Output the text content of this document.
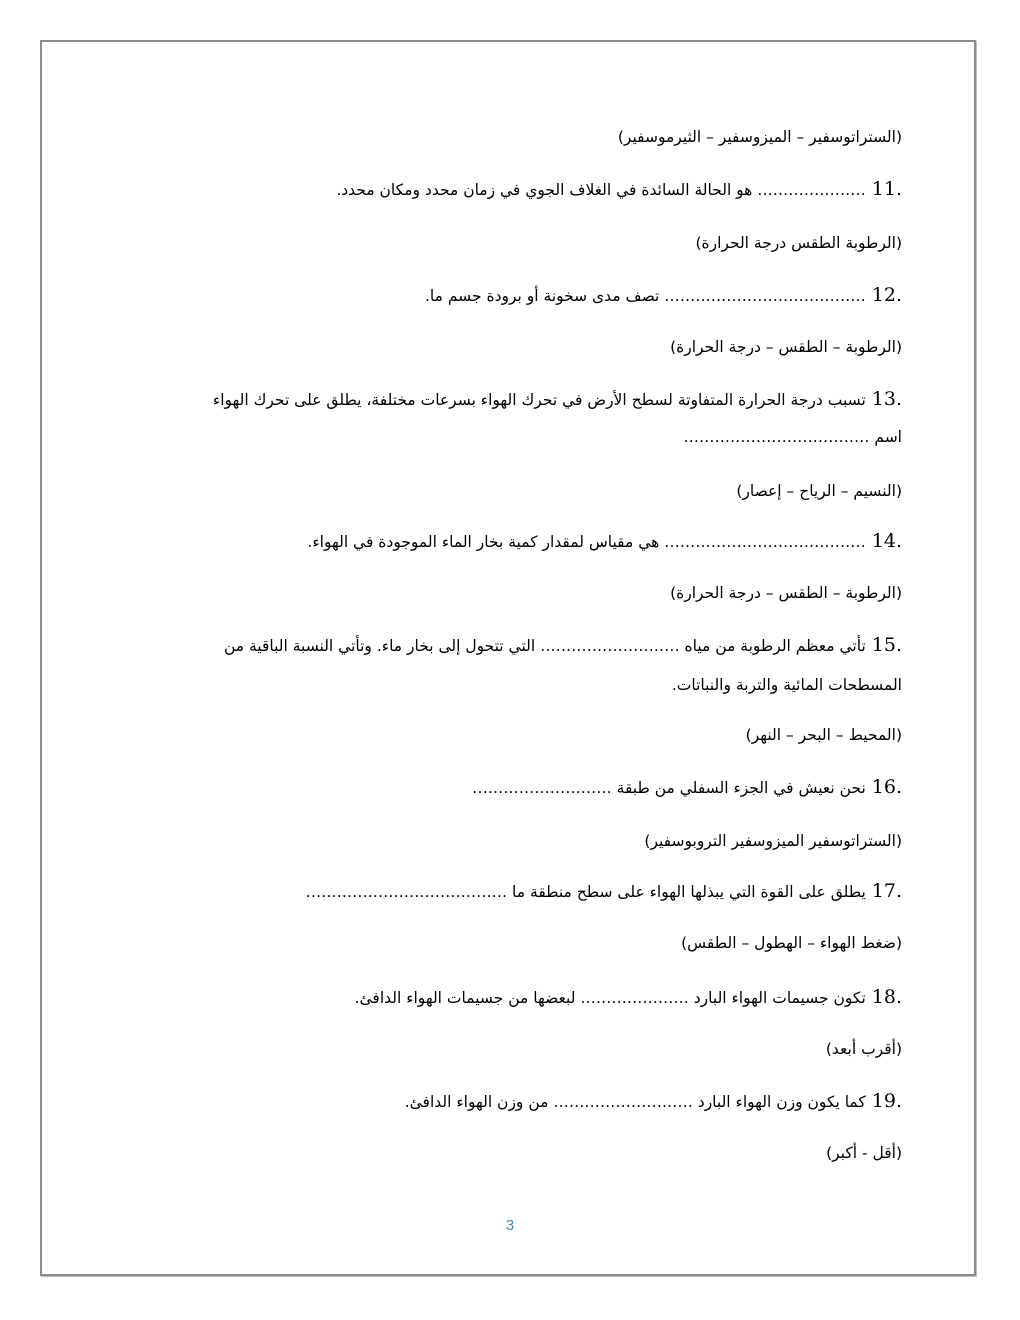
(الستراتوسفير – الميزوسفير – الثيرموسفير)
11.
………………… هو الحالة السائدة في الغلاف الجوي في زمان محدد ومكان محدد.
(الرطوبة الطقس درجة الحرارة)
12.
………………………………… تصف مدى سخونة أو برودة جسم ما.
(الرطوبة – الطقس – درجة الحرارة)
13.
تسبب درجة الحرارة المتفاوتة لسطح الأرض في تحرك الهواء بسرعات مختلفة، يطلق على تحرك الهواء
اسم ………………………………
(النسيم – الرياح – إعصار)
14.
………………………………… هي مقياس لمقدار كمية بخار الماء الموجودة في الهواء.
(الرطوبة – الطقس – درجة الحرارة)
15.
تأتي معظم الرطوبة من مياه ……………………… التي تتحول إلى بخار ماء. وتأتي النسبة الباقية من
المسطحات المائية والتربة والنباتات.
(المحيط – البحر – النهر)
16.
نحن نعيش في الجزء السفلي من طبقة ………………………
(الستراتوسفير الميزوسفير التروبوسفير)
17.
يطلق على القوة التي يبذلها الهواء على سطح منطقة ما …………………………………
(ضغط الهواء – الهطول – الطقس)
18.
تكون جسيمات الهواء البارد ………………… لبعضها من جسيمات الهواء الدافئ.
(أقرب أبعد)
19.
كما يكون وزن الهواء البارد ……………………… من وزن الهواء الدافئ.
(أقل - أكبر)
3
